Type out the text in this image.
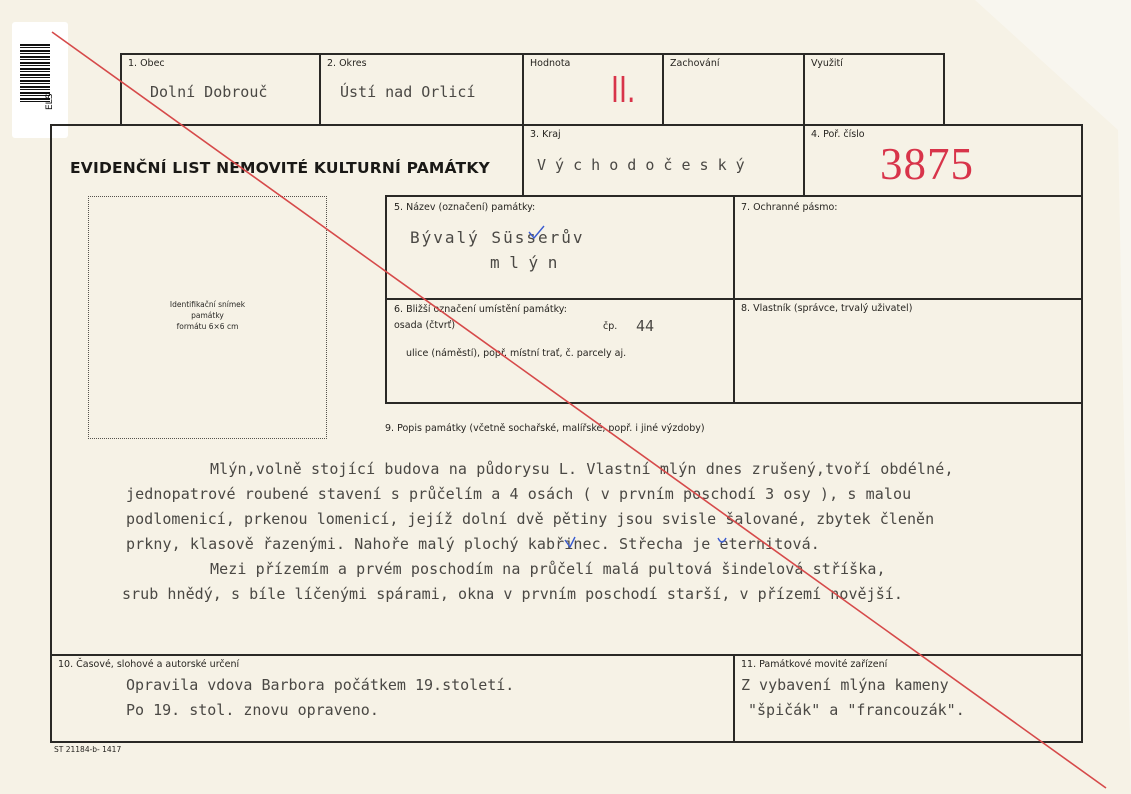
ELS
1. Obec
Dolní Dobrouč
2. Okres
Ústí nad Orlicí
Hodnota
II.
Zachování	Využití
EVIDENČNÍ LIST NEMOVITÉ KULTURNÍ PAMÁTKY
3. Kraj
V ý c h o d o č e s k ý
4. Poř. číslo
3875
Identifikační snímek
památky
formátu 6×6 cm
5. Název (označení) památky:
Bývalý Süsserův
m l ý n
7. Ochranné pásmo:
6. Bližší označení umístění památky:
osada (čtvrť)	čp. 44
ulice (náměstí), popř. místní trať, č. parcely aj.
8. Vlastník (správce, trvalý uživatel)
9. Popis památky (včetně sochařské, malířské, popř. i jiné výzdoby)
Mlýn,volně stojící budova na půdorysu L. Vlastní mlýn dnes zrušený,tvoří obdélné,
jednopatrové roubené stavení s průčelím a 4 osách ( v prvním poschodí 3 osy ), s malou
podlomenicí, prkenou lomenicí, jejíž dolní dvě pětiny jsou svisle šalované, zbytek členěn
prkny, klasově řazenými. Nahoře malý plochý kabřinec. Střecha je eternitová.
Mezi přízemím a prvém poschodím na průčelí malá pultová šindelová stříška,
srub hnědý, s bíle líčenými spárami, okna v prvním poschodí starší, v přízemí novější.
10. Časové, slohové a autorské určení
Opravila vdova Barbora počátkem 19.století.
Po 19. stol. znovu opraveno.
11. Památkové movité zařízení
Z vybavení mlýna kameny
"špičák" a "francouzák".
ST 21184-b- 1417
